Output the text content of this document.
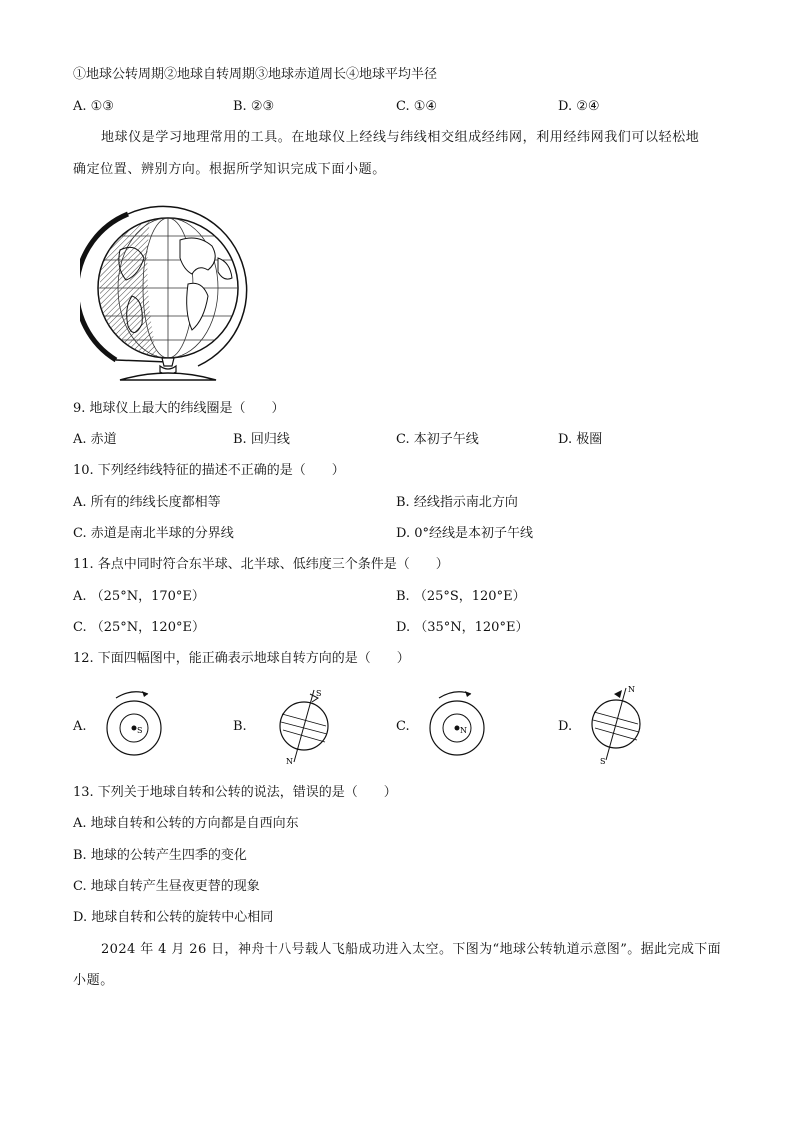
①地球公转周期②地球自转周期③地球赤道周长④地球平均半径
A. ①③	B. ②③	C. ①④	D. ②④
地球仪是学习地理常用的工具。在地球仪上经线与纬线相交组成经纬网，利用经纬网我们可以轻松地
确定位置、辨别方向。根据所学知识完成下面小题。
9. 地球仪上最大的纬线圈是（　　）
A. 赤道	B. 回归线	C. 本初子午线	D. 极圈
10. 下列经纬线特征的描述不正确的是（　　）
A. 所有的纬线长度都相等	B. 经线指示南北方向
C. 赤道是南北半球的分界线	D. 0°经线是本初子午线
11. 各点中同时符合东半球、北半球、低纬度三个条件是（　　）
A. （25°N，170°E）	B. （25°S，120°E）
C. （25°N，120°E）	D. （35°N，120°E）
12. 下面四幅图中，能正确表示地球自转方向的是（　　）
A.	S	B.
S
N
C.	N	D.
N
S
13. 下列关于地球自转和公转的说法，错误的是（　　）
A. 地球自转和公转的方向都是自西向东
B. 地球的公转产生四季的变化
C. 地球自转产生昼夜更替的现象
D. 地球自转和公转的旋转中心相同
2024 年 4 月 26 日，神舟十八号载人飞船成功进入太空。下图为“地球公转轨道示意图”。据此完成下面
小题。
